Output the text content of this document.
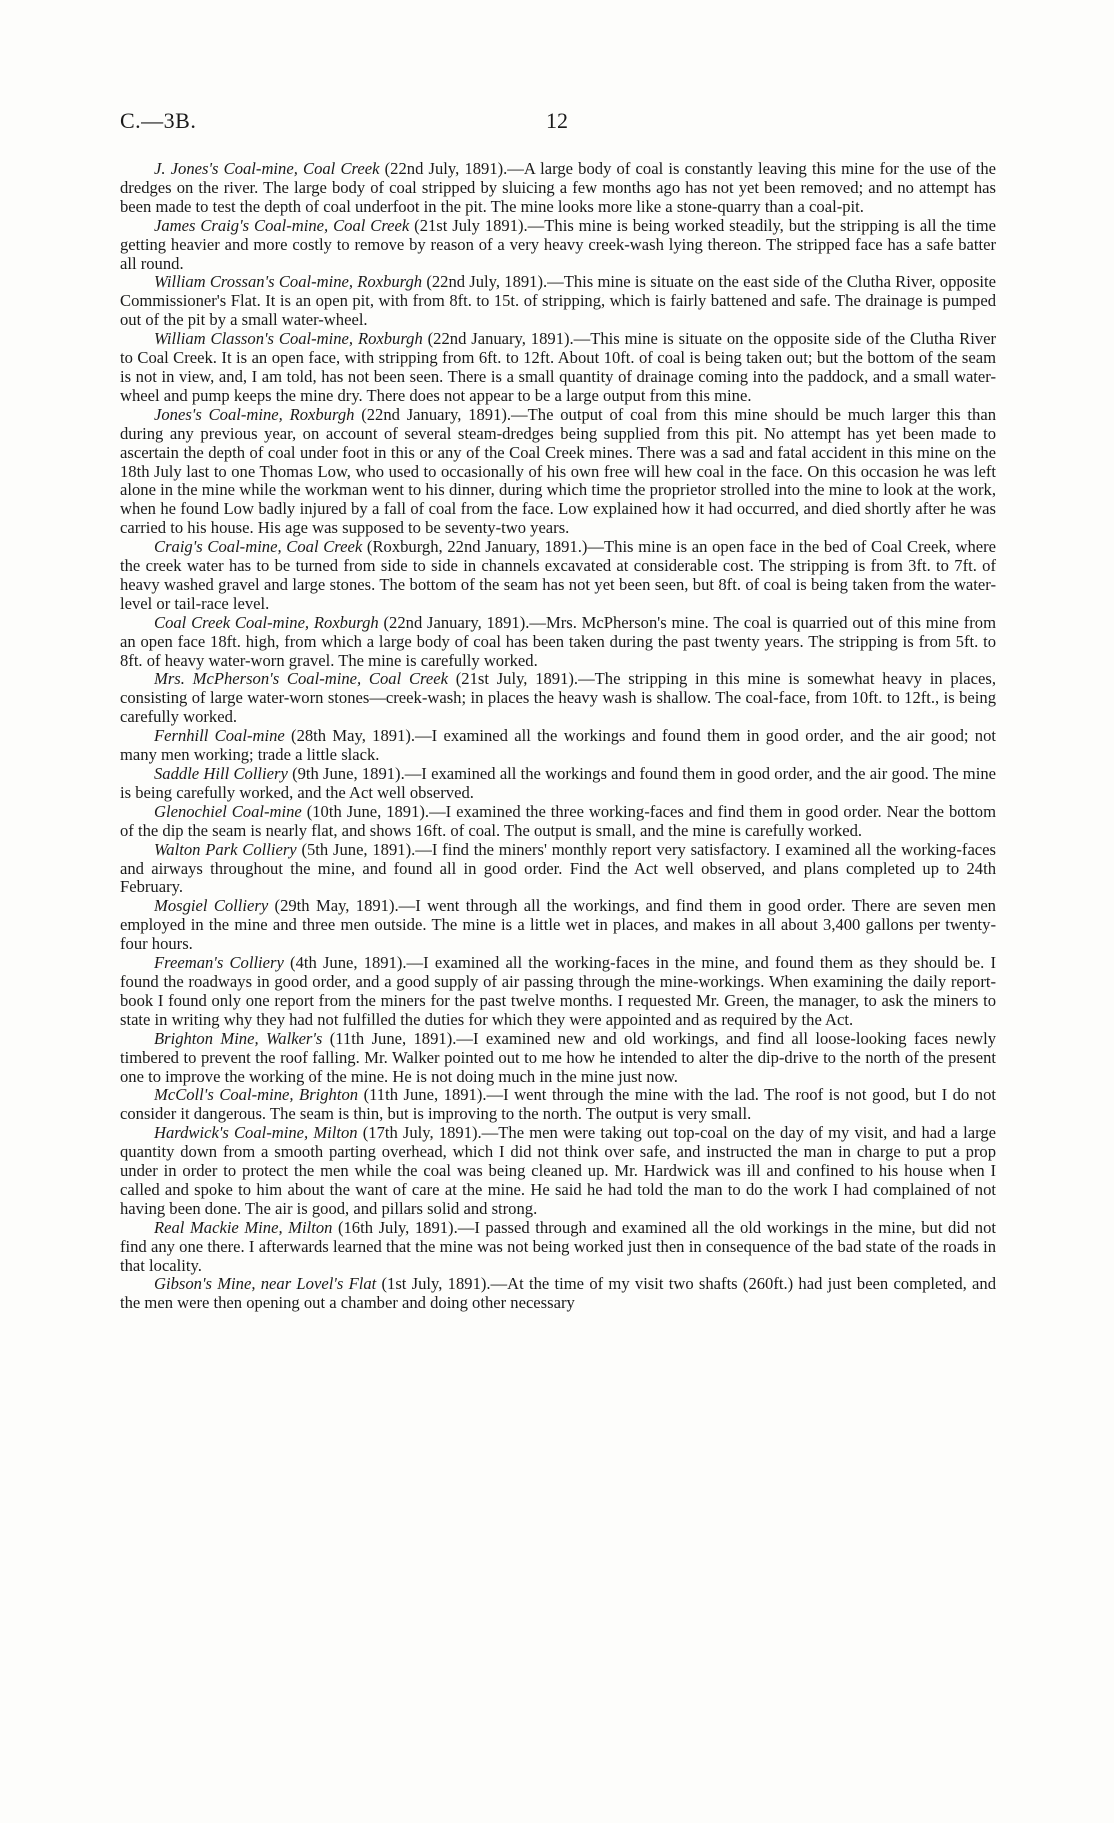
C.—3B.	12

J. Jones's Coal-mine, Coal Creek (22nd July, 1891).—A large body of coal is constantly leaving this mine for the use of the dredges on the river. The large body of coal stripped by sluicing a few months ago has not yet been removed; and no attempt has been made to test the depth of coal underfoot in the pit. The mine looks more like a stone-quarry than a coal-pit.

James Craig's Coal-mine, Coal Creek (21st July 1891).—This mine is being worked steadily, but the stripping is all the time getting heavier and more costly to remove by reason of a very heavy creek-wash lying thereon. The stripped face has a safe batter all round.

William Crossan's Coal-mine, Roxburgh (22nd July, 1891).—This mine is situate on the east side of the Clutha River, opposite Commissioner's Flat. It is an open pit, with from 8ft. to 15t. of stripping, which is fairly battened and safe. The drainage is pumped out of the pit by a small water-wheel.

William Classon's Coal-mine, Roxburgh (22nd January, 1891).—This mine is situate on the opposite side of the Clutha River to Coal Creek. It is an open face, with stripping from 6ft. to 12ft. About 10ft. of coal is being taken out; but the bottom of the seam is not in view, and, I am told, has not been seen. There is a small quantity of drainage coming into the paddock, and a small water-wheel and pump keeps the mine dry. There does not appear to be a large output from this mine.

Jones's Coal-mine, Roxburgh (22nd January, 1891).—The output of coal from this mine should be much larger this than during any previous year, on account of several steam-dredges being supplied from this pit. No attempt has yet been made to ascertain the depth of coal under foot in this or any of the Coal Creek mines. There was a sad and fatal accident in this mine on the 18th July last to one Thomas Low, who used to occasionally of his own free will hew coal in the face. On this occasion he was left alone in the mine while the workman went to his dinner, during which time the proprietor strolled into the mine to look at the work, when he found Low badly injured by a fall of coal from the face. Low explained how it had occurred, and died shortly after he was carried to his house. His age was supposed to be seventy-two years.

Craig's Coal-mine, Coal Creek (Roxburgh, 22nd January, 1891.)—This mine is an open face in the bed of Coal Creek, where the creek water has to be turned from side to side in channels excavated at considerable cost. The stripping is from 3ft. to 7ft. of heavy washed gravel and large stones. The bottom of the seam has not yet been seen, but 8ft. of coal is being taken from the water-level or tail-race level.

Coal Creek Coal-mine, Roxburgh (22nd January, 1891).—Mrs. McPherson's mine. The coal is quarried out of this mine from an open face 18ft. high, from which a large body of coal has been taken during the past twenty years. The stripping is from 5ft. to 8ft. of heavy water-worn gravel. The mine is carefully worked.

Mrs. McPherson's Coal-mine, Coal Creek (21st July, 1891).—The stripping in this mine is somewhat heavy in places, consisting of large water-worn stones—creek-wash; in places the heavy wash is shallow. The coal-face, from 10ft. to 12ft., is being carefully worked.

Fernhill Coal-mine (28th May, 1891).—I examined all the workings and found them in good order, and the air good; not many men working; trade a little slack.

Saddle Hill Colliery (9th June, 1891).—I examined all the workings and found them in good order, and the air good. The mine is being carefully worked, and the Act well observed.

Glenochiel Coal-mine (10th June, 1891).—I examined the three working-faces and find them in good order. Near the bottom of the dip the seam is nearly flat, and shows 16ft. of coal. The output is small, and the mine is carefully worked.

Walton Park Colliery (5th June, 1891).—I find the miners' monthly report very satisfactory. I examined all the working-faces and airways throughout the mine, and found all in good order. Find the Act well observed, and plans completed up to 24th February.

Mosgiel Colliery (29th May, 1891).—I went through all the workings, and find them in good order. There are seven men employed in the mine and three men outside. The mine is a little wet in places, and makes in all about 3,400 gallons per twenty-four hours.

Freeman's Colliery (4th June, 1891).—I examined all the working-faces in the mine, and found them as they should be. I found the roadways in good order, and a good supply of air passing through the mine-workings. When examining the daily report-book I found only one report from the miners for the past twelve months. I requested Mr. Green, the manager, to ask the miners to state in writing why they had not fulfilled the duties for which they were appointed and as required by the Act.

Brighton Mine, Walker's (11th June, 1891).—I examined new and old workings, and find all loose-looking faces newly timbered to prevent the roof falling. Mr. Walker pointed out to me how he intended to alter the dip-drive to the north of the present one to improve the working of the mine. He is not doing much in the mine just now.

McColl's Coal-mine, Brighton (11th June, 1891).—I went through the mine with the lad. The roof is not good, but I do not consider it dangerous. The seam is thin, but is improving to the north. The output is very small.

Hardwick's Coal-mine, Milton (17th July, 1891).—The men were taking out top-coal on the day of my visit, and had a large quantity down from a smooth parting overhead, which I did not think over safe, and instructed the man in charge to put a prop under in order to protect the men while the coal was being cleaned up. Mr. Hardwick was ill and confined to his house when I called and spoke to him about the want of care at the mine. He said he had told the man to do the work I had complained of not having been done. The air is good, and pillars solid and strong.

Real Mackie Mine, Milton (16th July, 1891).—I passed through and examined all the old workings in the mine, but did not find any one there. I afterwards learned that the mine was not being worked just then in consequence of the bad state of the roads in that locality.

Gibson's Mine, near Lovel's Flat (1st July, 1891).—At the time of my visit two shafts (260ft.) had just been completed, and the men were then opening out a chamber and doing other necessary
